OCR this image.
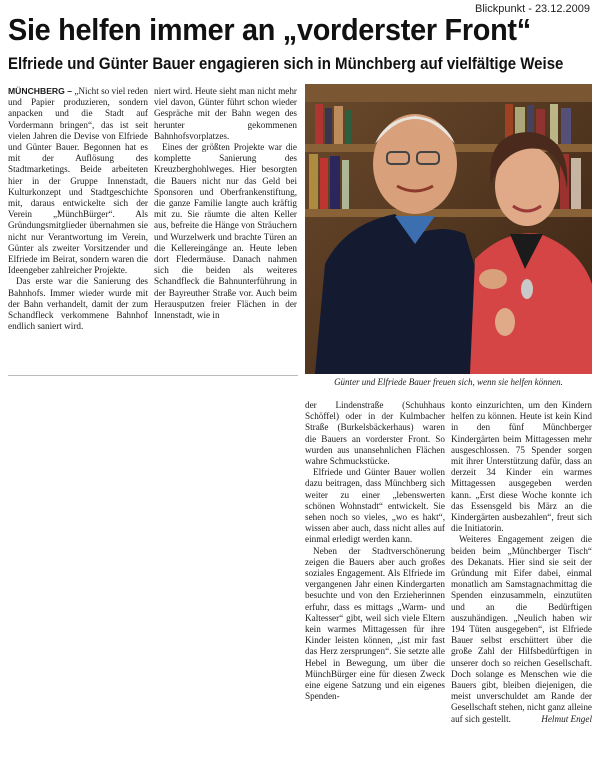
Blickpunkt - 23.12.2009
Sie helfen immer an „vorderster Front“
Elfriede und Günter Bauer engagieren sich in Münchberg auf vielfältige Weise

MÜNCHBERG – „Nicht so viel reden und Papier produzieren, sondern anpacken und die Stadt auf Vordermann bringen“, das ist seit vielen Jahren die Devise von Elfriede und Günter Bauer. Begonnen hat es mit der Auflösung des Stadtmarketings. Beide arbeiteten hier in der Gruppe Innenstadt, Kulturkonzept und Stadtgeschichte mit, daraus entwickelte sich der Verein „MünchBürger“. Als Gründungsmitglieder übernahmen sie nicht nur Verantwortung im Verein, Günter als zweiter Vorsitzender und Elfriede im Beirat, sondern waren die Ideengeber zahlreicher Projekte.

Das erste war die Sanierung des Bahnhofs. Immer wieder wurde mit der Bahn verhandelt, damit der zum Schandfleck verkommene Bahnhof endlich saniert wird.

niert wird. Heute sieht man nicht mehr viel davon, Günter führt schon wieder Gespräche mit der Bahn wegen des herunter gekommenen Bahnhofsvorplatzes.

Eines der größten Projekte war die komplette Sanierung des Kreuzberghohlweges. Hier besorgten die Bauers nicht nur das Geld bei Sponsoren und Oberfrankenstiftung, die ganze Familie langte auch kräftig mit zu. Sie räumte die alten Keller aus, befreite die Hänge von Sträuchern und Wurzelwerk und brachte Türen an die Kellereingänge an. Heute leben dort Fledermäuse. Danach nahmen sich die beiden als weiteres Schandfleck die Bahnunterführung in der Bayreuther Straße vor. Auch beim Herausputzen freier Flächen in der Innenstadt, wie in

Günter und Elfriede Bauer freuen sich, wenn sie helfen können.

der Lindenstraße (Schuhhaus Schöffel) oder in der Kulmbacher Straße (Burkelsbäckerhaus) waren die Bauers an vorderster Front. So wurden aus unansehnlichen Flächen wahre Schmuckstücke.

Elfriede und Günter Bauer wollen dazu beitragen, dass Münchberg sich weiter zu einer „lebenswerten schönen Wohnstadt“ entwickelt. Sie sehen noch so vieles, „wo es hakt“, wissen aber auch, dass nicht alles auf einmal erledigt werden kann.

Neben der Stadtverschönerung zeigen die Bauers aber auch großes soziales Engagement. Als Elfriede im vergangenen Jahr einen Kindergarten besuchte und von den Erzieherinnen erfuhr, dass es mittags „Warm- und Kaltesser“ gibt, weil sich viele Eltern kein warmes Mittagessen für ihre Kinder leisten können, „ist mir fast das Herz zersprungen“. Sie setzte alle Hebel in Bewegung, um über die MünchBürger eine für diesen Zweck eine eigene Satzung und ein eigenes Spenden-

konto einzurichten, um den Kindern helfen zu können. Heute ist kein Kind in den fünf Münchberger Kindergärten beim Mittagessen mehr ausgeschlossen. 75 Spender sorgen mit ihrer Unterstützung dafür, dass an derzeit 34 Kinder ein warmes Mittagessen ausgegeben werden kann. „Erst diese Woche konnte ich das Essensgeld bis März an die Kindergärten ausbezahlen“, freut sich die Initiatorin.

Weiteres Engagement zeigen die beiden beim „Münchberger Tisch“ des Dekanats. Hier sind sie seit der Gründung mit Eifer dabei, einmal monatlich am Samstagnachmittag die Spenden einzusammeln, einzutüten und an die Bedürftigen auszuhändigen. „Neulich haben wir 194 Tüten ausgegeben“, ist Elfriede Bauer selbst erschüttert über die große Zahl der Hilfsbedürftigen in unserer doch so reichen Gesellschaft. Doch solange es Menschen wie die Bauers gibt, bleiben diejenigen, die meist unverschuldet am Rande der Gesellschaft stehen, nicht ganz alleine auf sich gestellt.	Helmut Engel
